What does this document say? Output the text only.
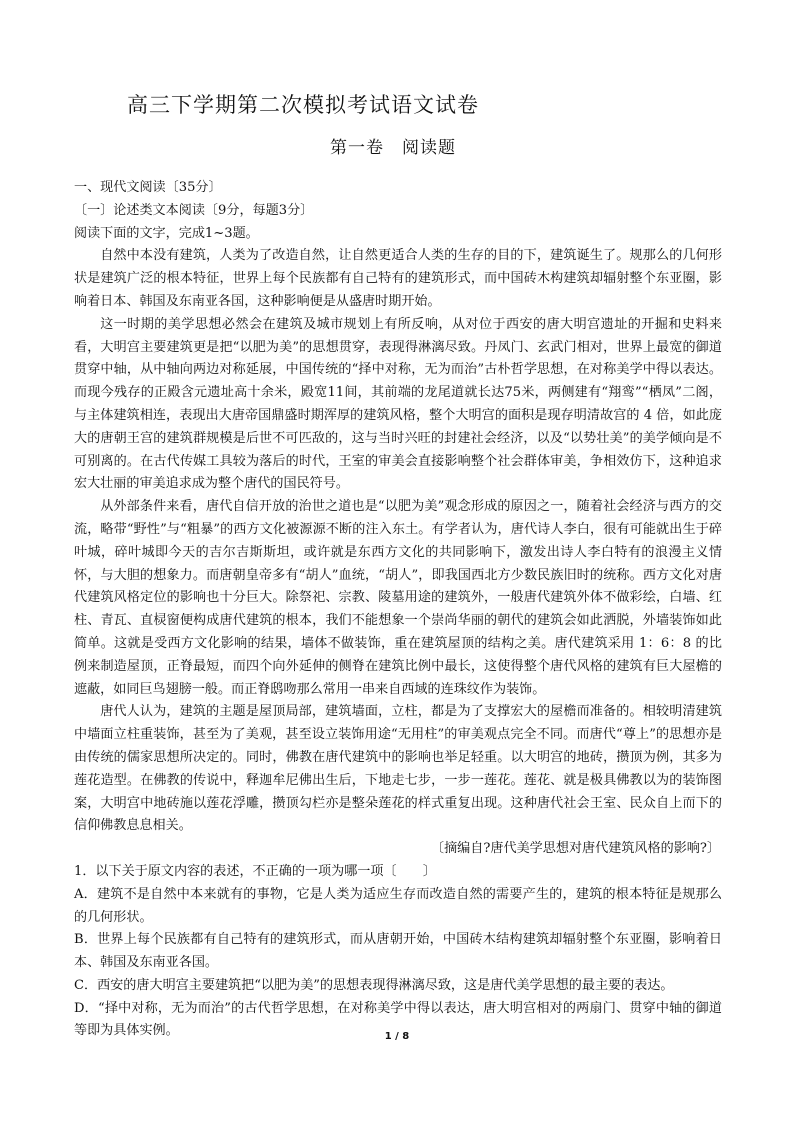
高三下学期第二次模拟考试语文试卷
第一卷　阅读题
一、现代文阅读〔35分〕
〔一〕论述类文本阅读〔9分，每题3分〕
阅读下面的文字，完成1~3题。

自然中本没有建筑，人类为了改造自然，让自然更适合人类的生存的目的下，建筑诞生了。规那么的几何形状是建筑广泛的根本特征，世界上每个民族都有自己特有的建筑形式，而中国砖木构建筑却辐射整个东亚圈，影响着日本、韩国及东南亚各国，这种影响便是从盛唐时期开始。

这一时期的美学思想必然会在建筑及城市规划上有所反响，从对位于西安的唐大明宫遗址的开掘和史料来看，大明宫主要建筑更是把“以肥为美”的思想贯穿，表现得淋漓尽致。丹凤门、玄武门相对，世界上最宽的御道贯穿中轴，从中轴向两边对称延展，中国传统的“择中对称，无为而治”古朴哲学思想，在对称美学中得以表达。而现今残存的正殿含元遗址高十余米，殿宽11间，其前端的龙尾道就长达75米，两侧建有“翔鸾”“栖凤”二阁，与主体建筑相连，表现出大唐帝国鼎盛时期浑厚的建筑风格，整个大明宫的面积是现存明清故宫的 4 倍，如此庞大的唐朝王宫的建筑群规模是后世不可匹敌的，这与当时兴旺的封建社会经济，以及“以势壮美”的美学倾向是不可别离的。在古代传媒工具较为落后的时代，王室的审美会直接影响整个社会群体审美，争相效仿下，这种追求宏大壮丽的审美追求成为整个唐代的国民符号。

从外部条件来看，唐代自信开放的治世之道也是“以肥为美”观念形成的原因之一，随着社会经济与西方的交流，略带“野性”与“粗暴”的西方文化被源源不断的注入东土。有学者认为，唐代诗人李白，很有可能就出生于碎叶城，碎叶城即今天的吉尔吉斯斯坦，或许就是东西方文化的共同影响下，激发出诗人李白特有的浪漫主义情怀，与大胆的想象力。而唐朝皇帝多有“胡人”血统，“胡人”，即我国西北方少数民族旧时的统称。西方文化对唐代建筑风格定位的影响也十分巨大。除祭祀、宗教、陵墓用途的建筑外，一般唐代建筑外体不做彩绘，白墙、红柱、青瓦、直棂窗便构成唐代建筑的根本，我们不能想象一个崇尚华丽的朝代的建筑会如此洒脱，外墙装饰如此简单。这就是受西方文化影响的结果，墙体不做装饰，重在建筑屋顶的结构之美。唐代建筑采用 1：6：8 的比例来制造屋顶，正脊最短，而四个向外延伸的侧脊在建筑比例中最长，这使得整个唐代风格的建筑有巨大屋檐的遮蔽，如同巨鸟翅膀一般。而正脊鸱吻那么常用一串来自西域的连珠纹作为装饰。

唐代人认为，建筑的主题是屋顶局部，建筑墙面，立柱，都是为了支撑宏大的屋檐而准备的。相较明清建筑中墙面立柱重装饰，甚至为了美观，甚至设立装饰用途“无用柱”的审美观点完全不同。而唐代“尊上”的思想亦是由传统的儒家思想所决定的。同时，佛教在唐代建筑中的影响也举足轻重。以大明宫的地砖，攒顶为例，其多为莲花造型。在佛教的传说中，释迦牟尼佛出生后，下地走七步，一步一莲花。莲花、就是极具佛教以为的装饰图案，大明宫中地砖施以莲花浮雕，攒顶勾栏亦是整朵莲花的样式重复出现。这种唐代社会王室、民众自上而下的信仰佛教息息相关。

〔摘编自?唐代美学思想对唐代建筑风格的影响?〕

1．以下关于原文内容的表述，不正确的一项为哪一项〔　　〕

A．建筑不是自然中本来就有的事物，它是人类为适应生存而改造自然的需要产生的，建筑的根本特征是规那么的几何形状。

B．世界上每个民族都有自己特有的建筑形式，而从唐朝开始，中国砖木结构建筑却辐射整个东亚圈，影响着日本、韩国及东南亚各国。

C．西安的唐大明宫主要建筑把“以肥为美”的思想表现得淋漓尽致，这是唐代美学思想的最主要的表达。

D．“择中对称，无为而治”的古代哲学思想，在对称美学中得以表达，唐大明宫相对的两扇门、贯穿中轴的御道等即为具体实例。	1 / 8
